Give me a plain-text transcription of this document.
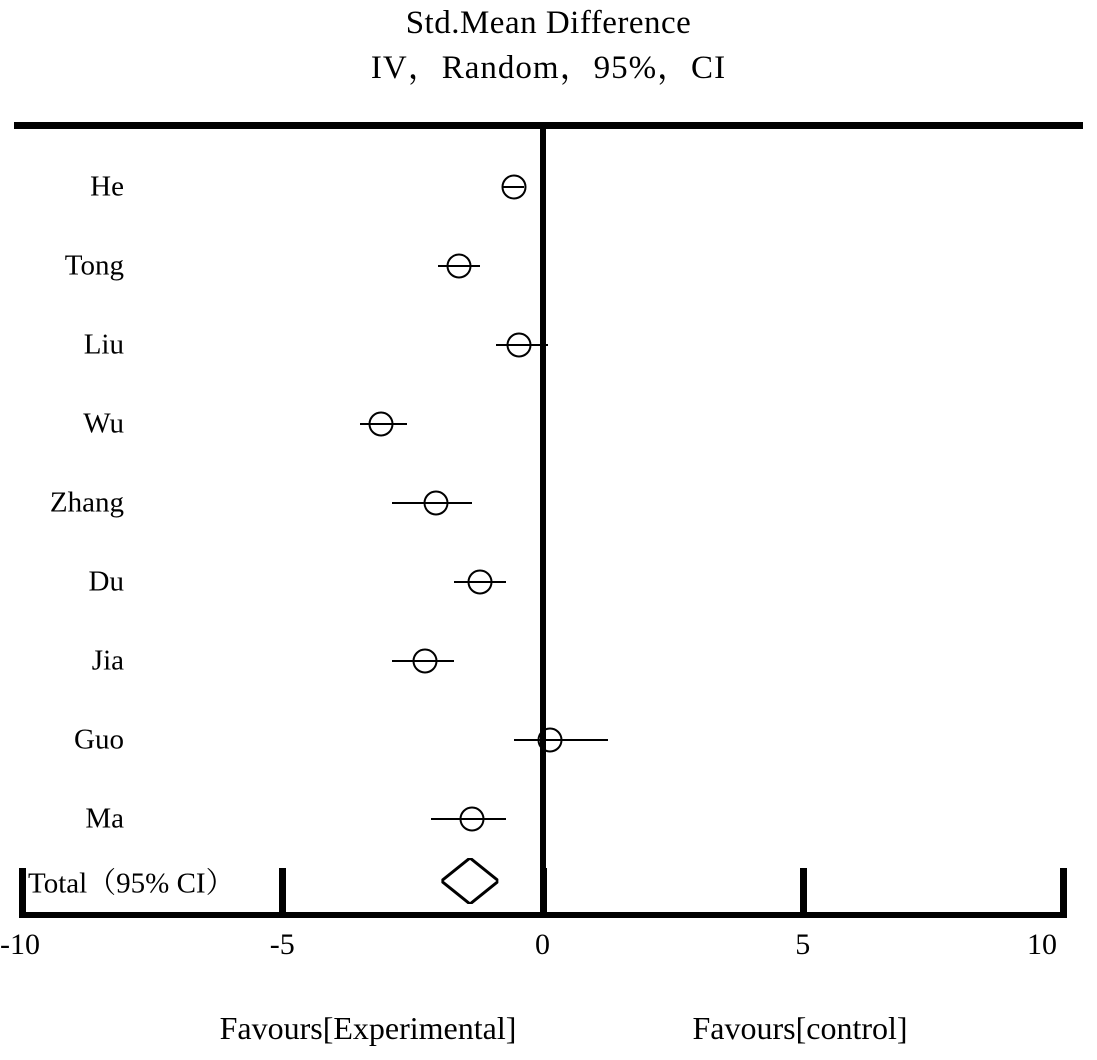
Std.Mean Difference
IV，Random，95%，CI
He
Tong
Liu
Wu
Zhang
Du
Jia
Guo
Ma
Total（95% CI）
-10	-5	0	5	10
Favours[Experimental]	Favours[control]
